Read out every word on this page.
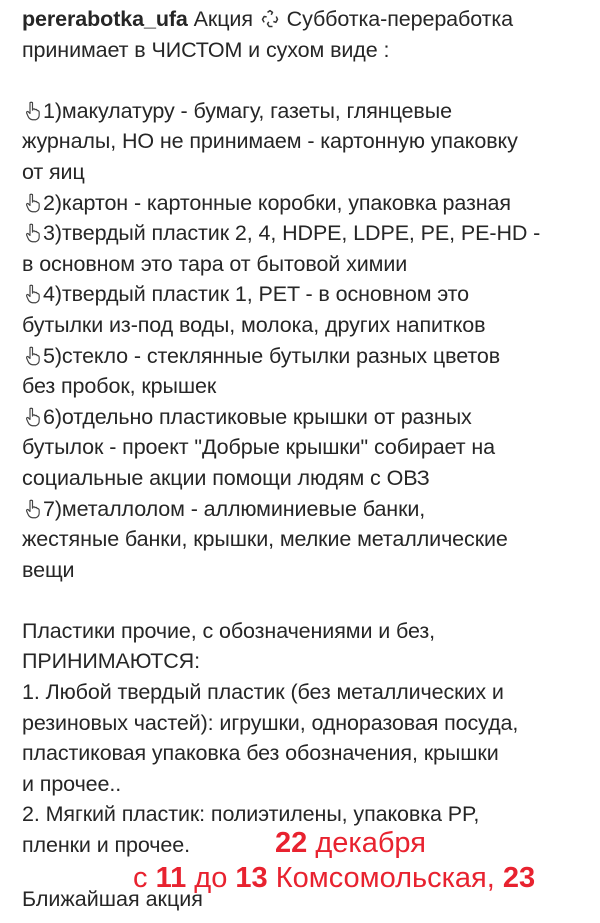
pererabotka_ufa Акция  Субботка-переработка
принимает в ЧИСТОМ и сухом виде :
1)макулатуру - бумагу, газеты, глянцевые
журналы, НО не принимаем - картонную упаковку
от яиц
2)картон - картонные коробки, упаковка разная
3)твердый пластик 2, 4, HDPE, LDPE, PE, PE-HD -
в основном это тара от бытовой химии
4)твердый пластик 1, PET - в основном это
бутылки из-под воды, молока, других напитков
5)стекло - стеклянные бутылки разных цветов
без пробок, крышек
6)отдельно пластиковые крышки от разных
бутылок - проект "Добрые крышки" собирает на
социальные акции помощи людям с ОВЗ
7)металлолом - аллюминиевые банки,
жестяные банки, крышки, мелкие металлические
вещи
Пластики прочие, с обозначениями и без,
ПРИНИМАЮТСЯ:
1. Любой твердый пластик (без металлических и
резиновых частей): игрушки, одноразовая посуда,
пластиковая упаковка без обозначения, крышки
и прочее..
2. Мягкий пластик: полиэтилены, упаковка PP,
пленки и прочее.	22 декабря
с 11 до 13 Комсомольская, 23
Ближайшая акция
